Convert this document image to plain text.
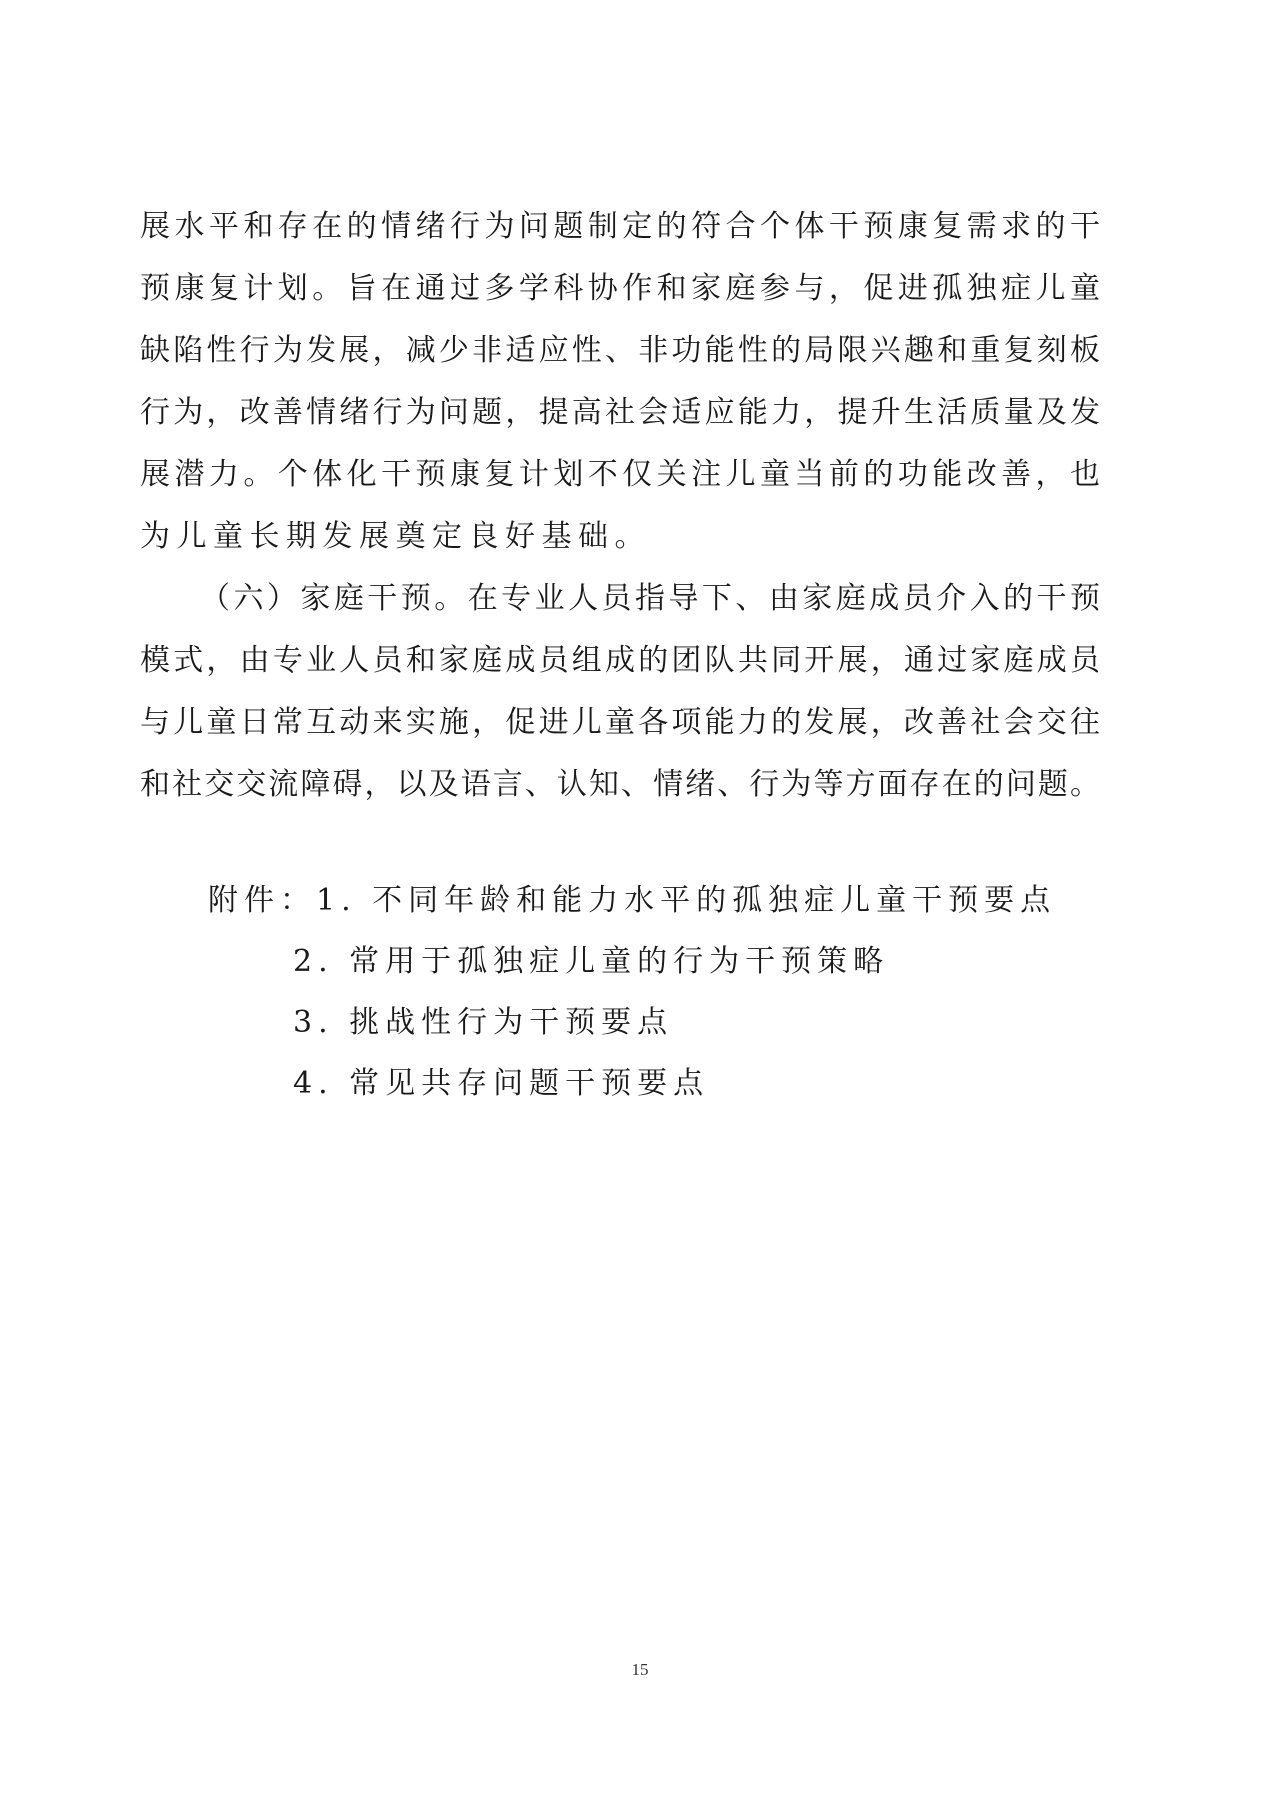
展水平和存在的情绪行为问题制定的符合个体干预康复需求的干
预康复计划。旨在通过多学科协作和家庭参与，促进孤独症儿童
缺陷性行为发展，减少非适应性、非功能性的局限兴趣和重复刻板
行为，改善情绪行为问题，提高社会适应能力，提升生活质量及发
展潜力。个体化干预康复计划不仅关注儿童当前的功能改善，也
为儿童长期发展奠定良好基础。
（六）家庭干预。在专业人员指导下、由家庭成员介入的干预
模式，由专业人员和家庭成员组成的团队共同开展，通过家庭成员
与儿童日常互动来实施，促进儿童各项能力的发展，改善社会交往
和社交交流障碍，以及语言、认知、情绪、行为等方面存在的问题。
附件：1. 不同年龄和能力水平的孤独症儿童干预要点
2. 常用于孤独症儿童的行为干预策略
3. 挑战性行为干预要点
4. 常见共存问题干预要点
15
